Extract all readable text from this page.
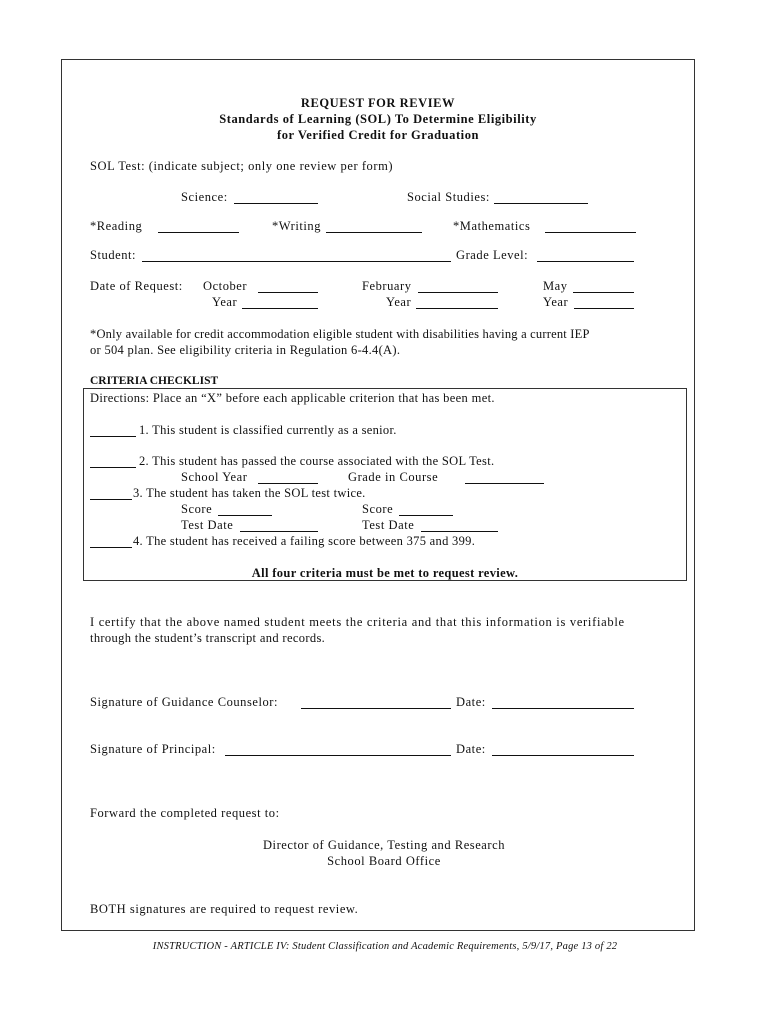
REQUEST FOR REVIEW
Standards of Learning (SOL) To Determine Eligibility
for Verified Credit for Graduation
SOL Test: (indicate subject; only one review per form)
Science:	Social Studies:
*Reading	*Writing	*Mathematics
Student:	Grade Level:
Date of Request: October	February	May
Year	Year	Year
*Only available for credit accommodation eligible student with disabilities having a current IEP
or 504 plan. See eligibility criteria in Regulation 6-4.4(A).
CRITERIA CHECKLIST
Directions: Place an “X” before each applicable criterion that has been met.
1. This student is classified currently as a senior.
2. This student has passed the course associated with the SOL Test.
School Year	Grade in Course
3. The student has taken the SOL test twice.
Score	Score
Test Date	Test Date
4. The student has received a failing score between 375 and 399.
All four criteria must be met to request review.
I certify that the above named student meets the criteria and that this information is verifiable
through the student’s transcript and records.
Signature of Guidance Counselor:	Date:
Signature of Principal:	Date:
Forward the completed request to:
Director of Guidance, Testing and Research
School Board Office
BOTH signatures are required to request review.
INSTRUCTION - ARTICLE IV: Student Classification and Academic Requirements, 5/9/17, Page 13 of 22
